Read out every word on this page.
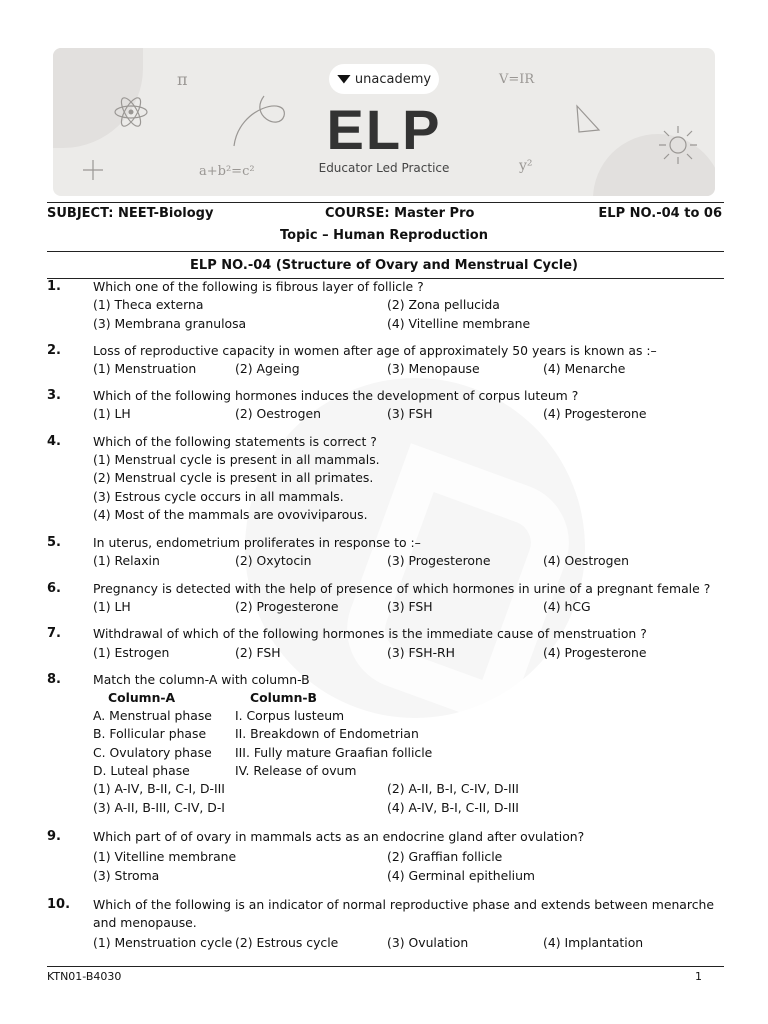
π	V=IR
a+b²=c²	y²
unacademy
ELP
Educator Led Practice
SUBJECT: NEET-Biology	COURSE: Master Pro	ELP NO.-04 to 06
Topic – Human Reproduction
ELP NO.-04 (Structure of Ovary and Menstrual Cycle)
1.	Which one of the following is fibrous layer of follicle ?
(1) Theca externa	(2) Zona pellucida
(3) Membrana granulosa	(4) Vitelline membrane
2.	Loss of reproductive capacity in women after age of approximately 50 years is known as :–
(1) Menstruation	(2) Ageing	(3) Menopause	(4) Menarche
3.	Which of the following hormones induces the development of corpus luteum ?
(1) LH	(2) Oestrogen	(3) FSH	(4) Progesterone
4.	Which of the following statements is correct ?
(1) Menstrual cycle is present in all mammals.
(2) Menstrual cycle is present in all primates.
(3) Estrous cycle occurs in all mammals.
(4) Most of the mammals are ovoviviparous.
5.	In uterus, endometrium proliferates in response to :–
(1) Relaxin	(2) Oxytocin	(3) Progesterone	(4) Oestrogen
6.	Pregnancy is detected with the help of presence of which hormones in urine of a pregnant female ?
(1) LH	(2) Progesterone	(3) FSH	(4) hCG
7.	Withdrawal of which of the following hormones is the immediate cause of menstruation ?
(1) Estrogen	(2) FSH	(3) FSH-RH	(4) Progesterone
8.	Match the column-A with column-B
Column-A	Column-B
A. Menstrual phase I. Corpus lusteum
B. Follicular phase II. Breakdown of Endometrian
C. Ovulatory phase III. Fully mature Graafian follicle
D. Luteal phase	IV. Release of ovum
(1) A-IV, B-II, C-I, D-III	(2) A-II, B-I, C-IV, D-III
(3) A-II, B-III, C-IV, D-I	(4) A-IV, B-I, C-II, D-III
9.	Which part of of ovary in mammals acts as an endocrine gland after ovulation?
(1) Vitelline membrane	(2) Graffian follicle
(3) Stroma	(4) Germinal epithelium
10. Which of the following is an indicator of normal reproductive phase and extends between menarche
and menopause.
(1) Menstruation cycle (2) Estrous cycle	(3) Ovulation	(4) Implantation
KTN01-B4030	1
